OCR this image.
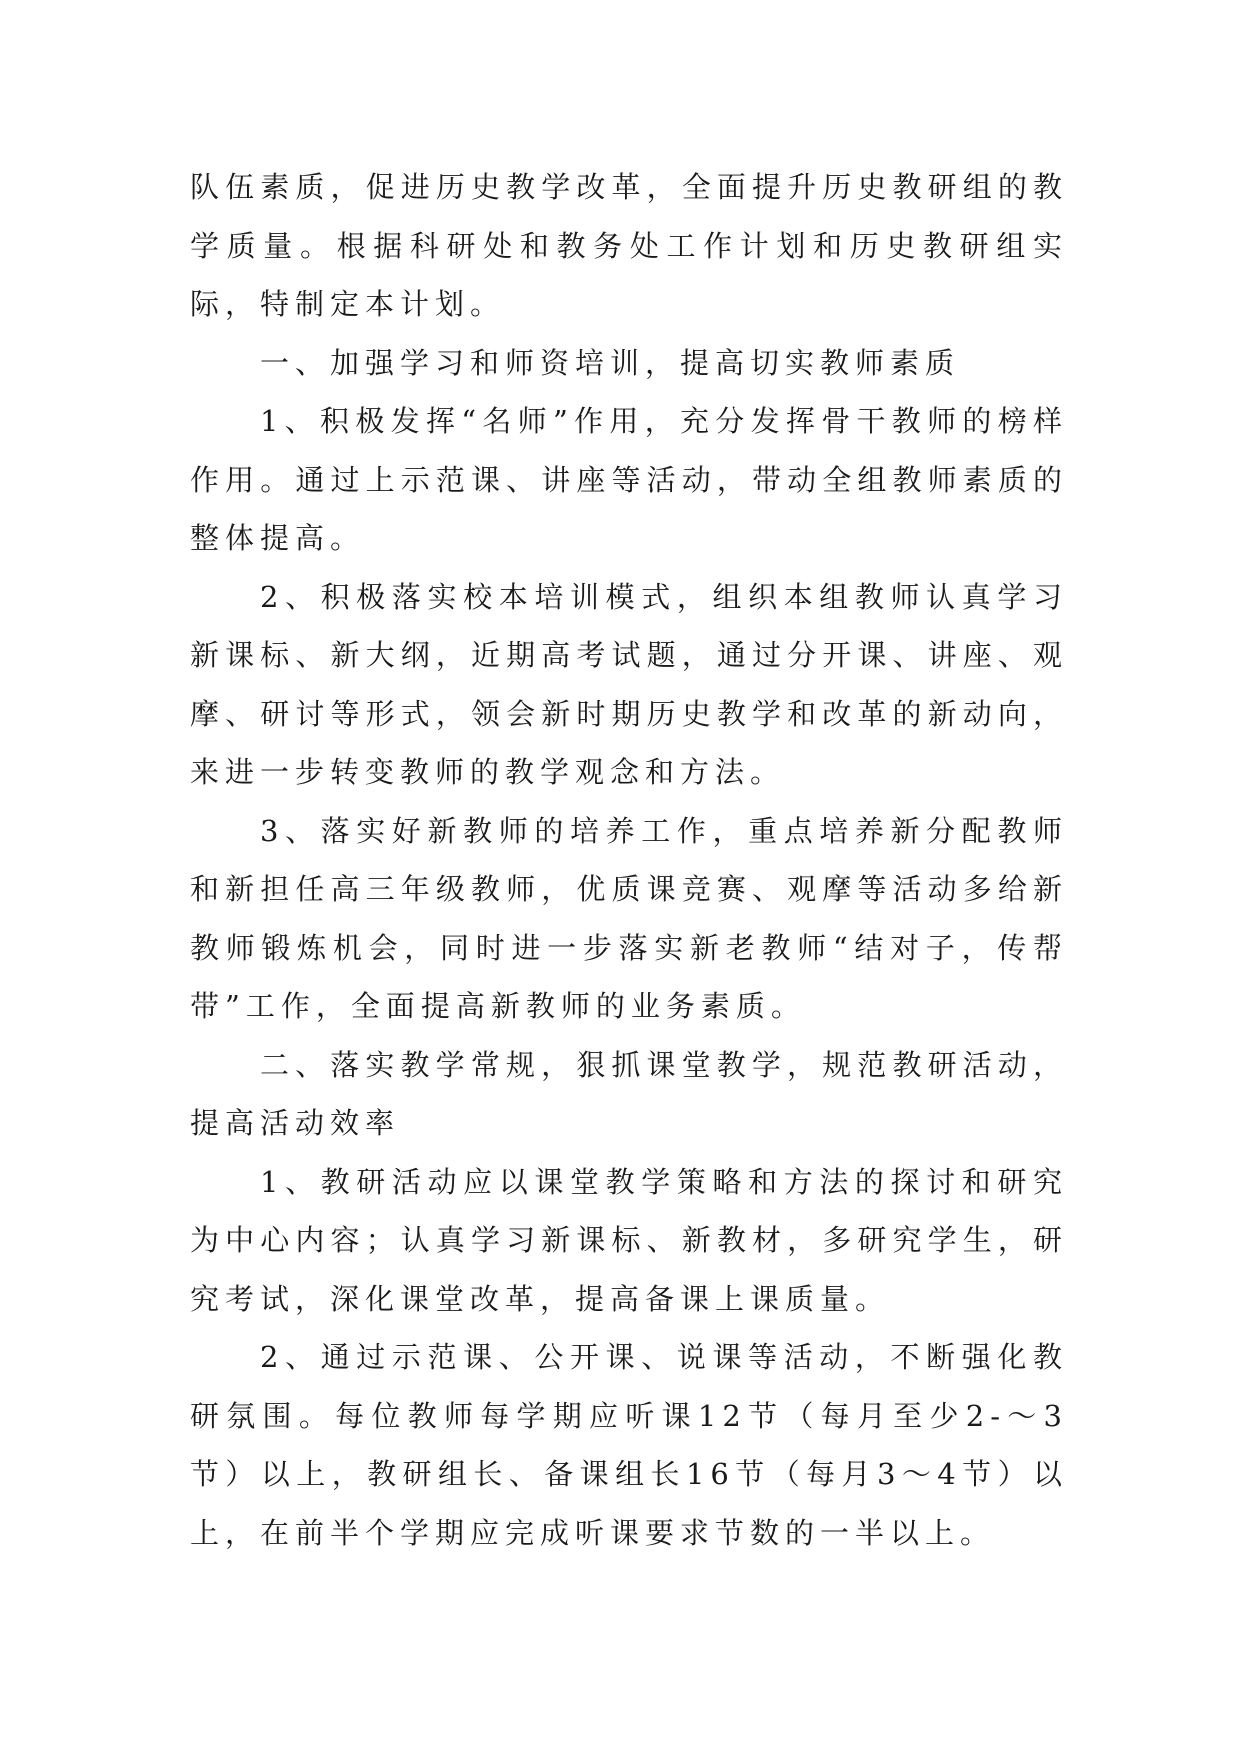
队伍素质，促进历史教学改革，全面提升历史教研组的教学质量。根据科研处和教务处工作计划和历史教研组实际，特制定本计划。

一、加强学习和师资培训，提高切实教师素质

1、积极发挥“名师”作用，充分发挥骨干教师的榜样作用。通过上示范课、讲座等活动，带动全组教师素质的整体提高。

2、积极落实校本培训模式，组织本组教师认真学习新课标、新大纲，近期高考试题，通过分开课、讲座、观摩、研讨等形式，领会新时期历史教学和改革的新动向，来进一步转变教师的教学观念和方法。

3、落实好新教师的培养工作，重点培养新分配教师和新担任高三年级教师，优质课竞赛、观摩等活动多给新教师锻炼机会，同时进一步落实新老教师“结对子，传帮带”工作，全面提高新教师的业务素质。

二、落实教学常规，狠抓课堂教学，规范教研活动，提高活动效率

1、教研活动应以课堂教学策略和方法的探讨和研究为中心内容；认真学习新课标、新教材，多研究学生，研究考试，深化课堂改革，提高备课上课质量。

2、通过示范课、公开课、说课等活动，不断强化教研氛围。每位教师每学期应听课12节（每月至少2-～3节）以上，教研组长、备课组长16节（每月3～4节）以上，在前半个学期应完成听课要求节数的一半以上。
